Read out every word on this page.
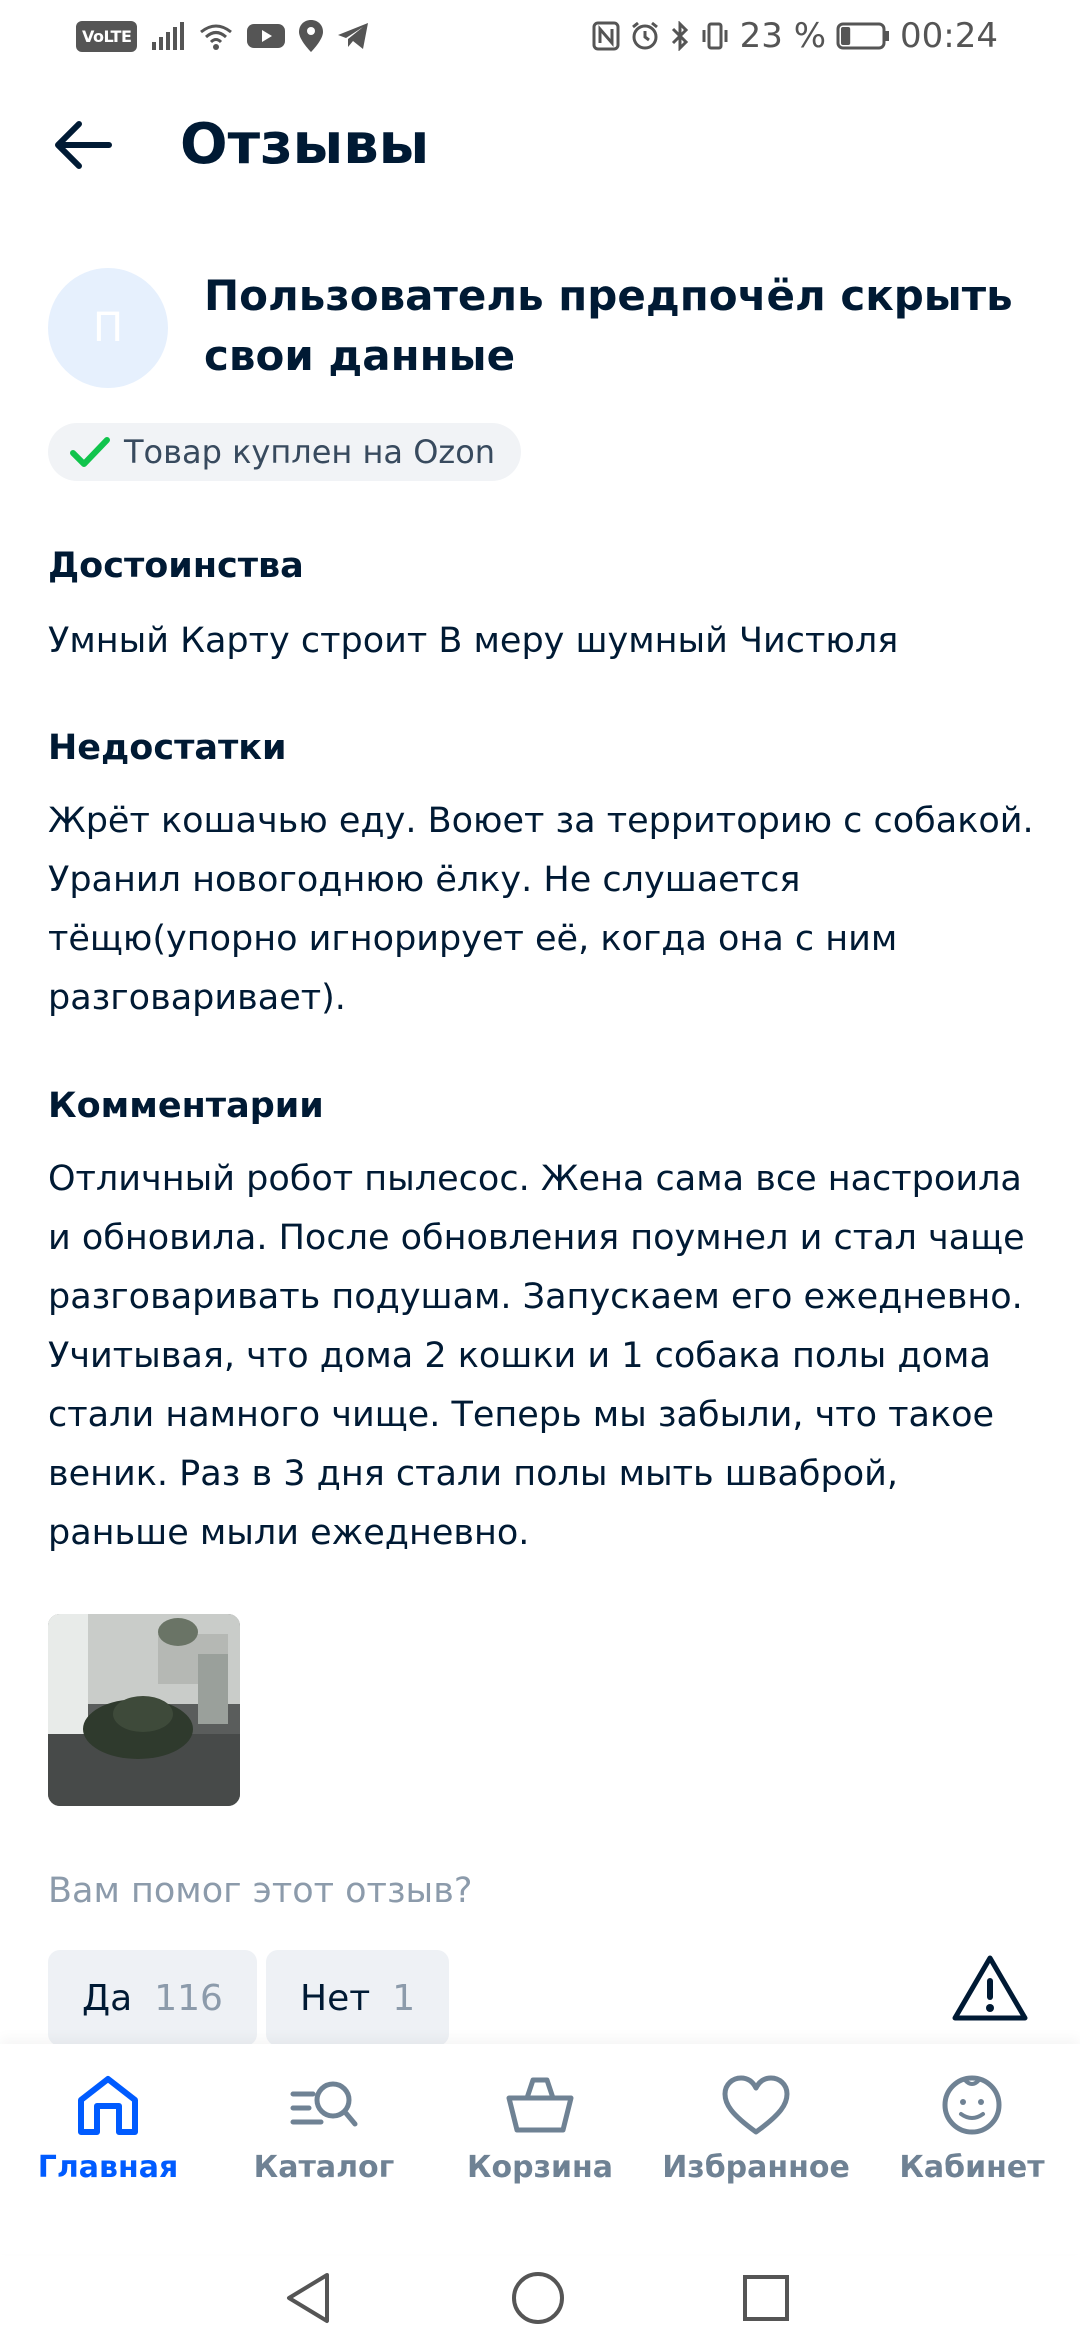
VoLTE	23 % 00:24
Отзывы
П
Пользователь предпочёл скрыть свои данные
Товар куплен на Ozon
Достоинства
Умный Карту строит В меру шумный Чистюля
Недостатки
Жрёт кошачью еду. Воюет за территорию с собакой. Уранил новогоднюю ёлку. Не слушается тёщю(упорно игнорирует её, когда она с ним разговаривает).
Комментарии
Отличный робот пылесос. Жена сама все настроила и обновила. После обновления поумнел и стал чаще разговаривать подушам. Запускаем его ежедневно. Учитывая, что дома 2 кошки и 1 собака полы дома стали намного чище. Теперь мы забыли, что такое веник. Раз в 3 дня стали полы мыть шваброй, раньше мыли ежедневно.
Вам помог этот отзыв?
Да 116 Нет 1
Главная	Каталог Корзина Избранное Кабинет
